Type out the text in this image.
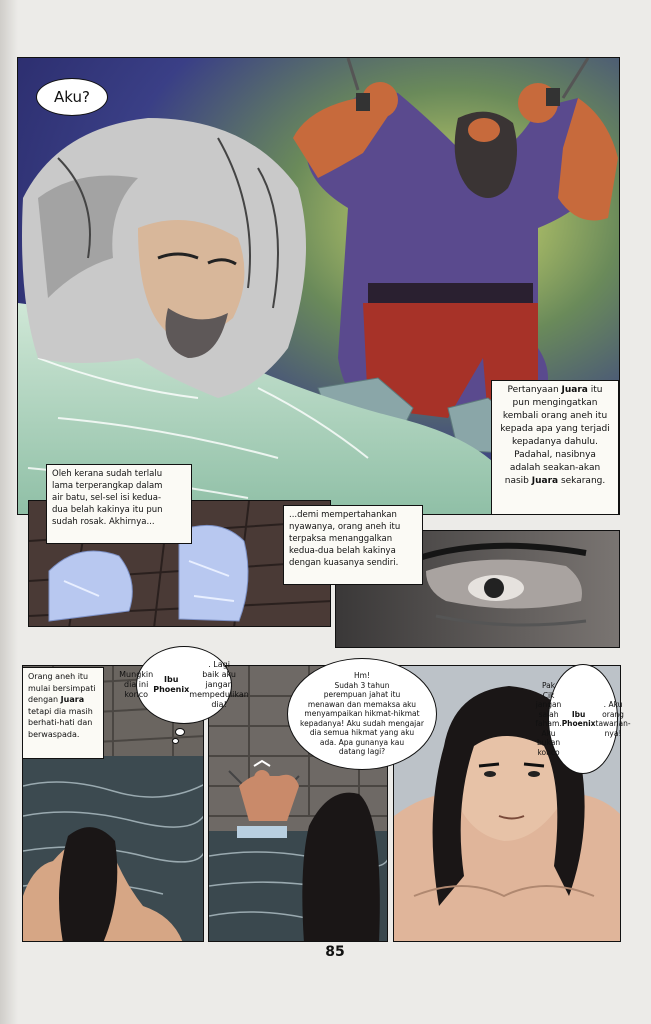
Aku?
Pertanyaan Juara itu
pun mengingatkan
kembali orang aneh itu
kepada apa yang terjadi
kepadanya dahulu.
Padahal, nasibnya
adalah seakan-akan
nasib Juara sekarang.
Oleh kerana sudah terlalu
lama terperangkap dalam
air batu, sel-sel isi kedua-
dua belah kakinya itu pun
sudah rosak. Akhirnya...
...demi mempertahankan
nyawanya, orang aneh itu
terpaksa menanggalkan
kedua-dua belah kakinya
dengan kuasanya sendiri.
Orang aneh itu
mulai bersimpati
dengan Juara
tetapi dia masih
berhati-hati dan
berwaspada.
Mungkin
dia ini konco

Ibu Phoenix
. Lagi
baik aku jangan
mempedulikan
dia!
Hm!
Sudah 3 tahun
perempuan jahat itu
menawan dan memaksa aku
menyampaikan hikmat-hikmat
kepadanya! Aku sudah mengajar
dia semua hikmat yang aku
ada. Apa gunanya kau
datang lagi?
Pak
Cik jangan
salah faham.
Aku bukan
konco
Ibu
Phoenix
. Aku
orang
tawanan-
nya!
85
